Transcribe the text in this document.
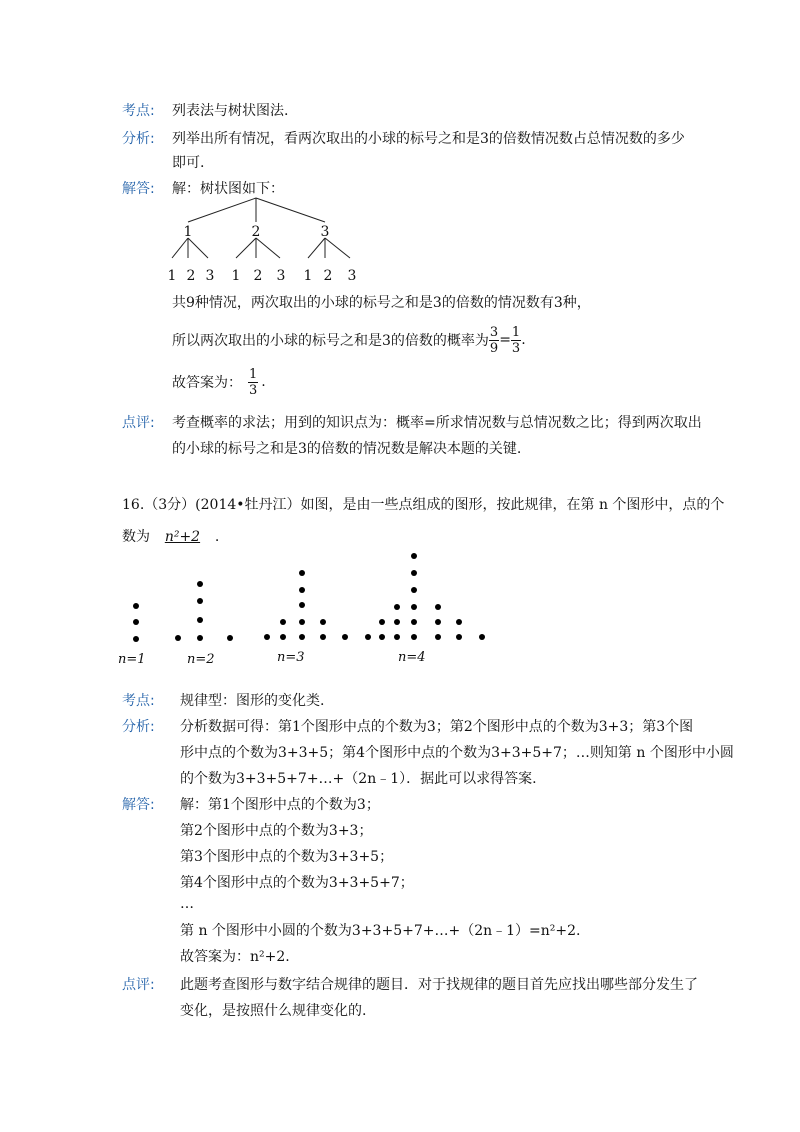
考点: 列表法与树状图法.
分析: 列举出所有情况，看两次取出的小球的标号之和是3的倍数情况数占总情况数的多少
即可.
解答: 解：树状图如下：
1	2	3
1 2 3 1 2 3 1 2 3
共9种情况，两次取出的小球的标号之和是3的倍数的情况数有3种，
所以两次取出的小球的标号之和是3的倍数的概率为 $\frac{3}{9} = \frac{1}{3}$ .
故答案为： $\frac{1}{3}$ .
点评: 考查概率的求法；用到的知识点为：概率=所求情况数与总情况数之比；得到两次取出
的小球的标号之和是3的倍数的情况数是解决本题的关键.
16.（3分）(2014•牡丹江）如图，是由一些点组成的图形，按此规律，在第 n 个图形中，点的个
数为 n²+2 .
n=1	n=2	n=3	n=4
考点: 规律型：图形的变化类.
分析: 分析数据可得：第1个图形中点的个数为3；第2个图形中点的个数为3+3；第3个图
形中点的个数为3+3+5；第4个图形中点的个数为3+3+5+7；…则知第 n 个图形中小圆
的个数为3+3+5+7+…+（2n﹣1）．据此可以求得答案.
解答: 解：第1个图形中点的个数为3；
第2个图形中点的个数为3+3；
第3个图形中点的个数为3+3+5；
第4个图形中点的个数为3+3+5+7；
…
第 n 个图形中小圆的个数为3+3+5+7+…+（2n﹣1）=n²+2.
故答案为：n²+2.
点评: 此题考查图形与数字结合规律的题目．对于找规律的题目首先应找出哪些部分发生了
变化，是按照什么规律变化的.
